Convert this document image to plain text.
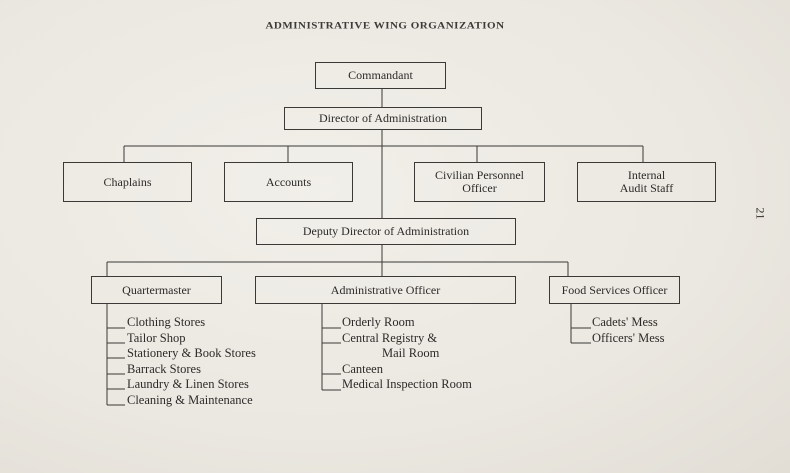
ADMINISTRATIVE WING ORGANIZATION
Commandant
Director of Administration
Chaplains	Accounts	Civilian Personnel
Officer
Internal
Audit Staff
Deputy Director of Administration
Quartermaster	Administrative Officer	Food Services Officer
Clothing Stores
Tailor Shop
Stationery & Book Stores
Barrack Stores
Laundry & Linen Stores
Cleaning & Maintenance
Orderly Room
Central Registry &
Mail Room
Canteen
Medical Inspection Room
Cadets' Mess
Officers' Mess
21
